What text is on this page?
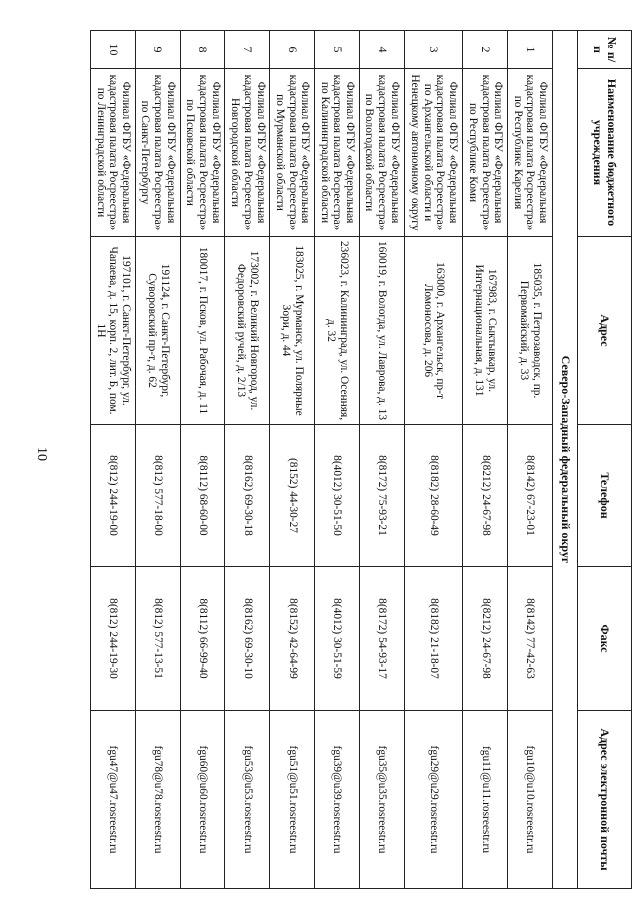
10
№ п/п	Наименование бюджетного учреждения	Адрес	Телефон	Факс	Адрес электронной почты
Северо-Западный федеральный округ					
1	Филиал ФГБУ «Федеральная кадастровая палата Росреестра» по Республике Карелия	185035, г. Петрозаводск, пр. Первомайский, д. 33	8(8142) 67-23-01	8(8142) 77-42-63	fgu10@u10.rosreestr.ru
2	Филиал ФГБУ «Федеральная кадастровая палата Росреестра» по Республике Коми	167983, г. Сыктывкар, ул. Интернациональная, д. 131	8(8212) 24-67-98	8(8212) 24-67-98	fgu11@u11.rosreestr.ru
3	Филиал ФГБУ «Федеральная кадастровая палата Росреестра» по Архангельской области и Ненецкому автономному округу	163000, г. Архангельск, пр-т Ломоносова, д. 206	8(8182) 28-60-49	8(8182) 21-18-07	fgu29@u29.rosreestr.ru
4	Филиал ФГБУ «Федеральная кадастровая палата Росреестра» по Вологодской области	160019, г. Вологда, ул. Лаврова, д. 13	8(8172) 75-93-21	8(8172) 54-93-17	fgu35@u35.rosreestr.ru
5	Филиал ФГБУ «Федеральная кадастровая палата Росреестра» по Калининградской области	236023, г. Калининград, ул. Осенняя, д. 32	8(4012) 30-51-50	8(4012) 30-51-59	fgu39@u39.rosreestr.ru
6	Филиал ФГБУ «Федеральная кадастровая палата Росреестра» по Мурманской области	183025, г. Мурманск, ул. Полярные Зори, д. 44	(8152) 44-30-27	8(8152) 42-64-99	fgu51@u51.rosreestr.ru
7	Филиал ФГБУ «Федеральная кадастровая палата Росреестра» Новгородской области	173002, г. Великий Новгород, ул. Федоровский ручей, д. 2/13	8(8162) 69-30-18	8(8162) 69-30-10	fgu53@u53.rosreestr.ru
8	Филиал ФГБУ «Федеральная кадастровая палата Росреестра» по Псковской области	180017, г. Псков, ул. Рабочая, д. 11	8(8112) 68-60-00	8(8112) 66-99-40	fgu60@u60.rosreestr.ru
9	Филиал ФГБУ «Федеральная кадастровая палата Росреестра» по Санкт-Петербургу	191124, г. Санкт-Петербург, Суворовский пр-т, д. 62	8(812) 577-18-00	8(812) 577-13-51	fgu78@u78.rosreestr.ru
10	Филиал ФГБУ «Федеральная кадастровая палата Росреестра» по Ленинградской области	197101, г. Санкт-Петербург, ул. Чапаева, д. 15, корп. 2, лит. Б, пом. 1Н	8(812) 244-19-00	8(812) 244-19-30	fgu47@u47.rosreestr.ru
